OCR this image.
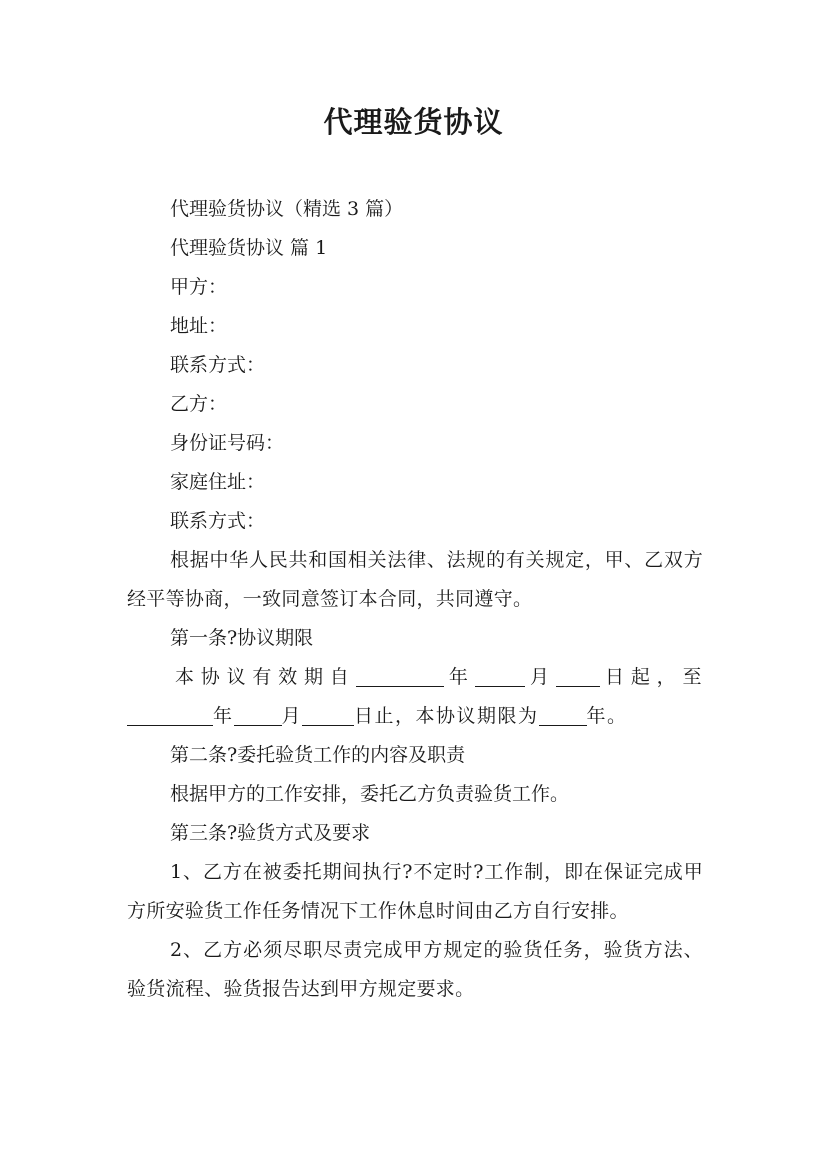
代理验货协议

代理验货协议（精选 3 篇）

代理验货协议 篇 1

甲方：

地址：

联系方式：

乙方：

身份证号码：

家庭住址：

联系方式：

根据中华人民共和国相关法律、法规的有关规定，甲、乙双方经平等协商，一致同意签订本合同，共同遵守。

第一条?协议期限

本协议有效期自	年	月 日起，至年	月	日止，本协议期限为	年。

第二条?委托验货工作的内容及职责

根据甲方的工作安排，委托乙方负责验货工作。

第三条?验货方式及要求

1、乙方在被委托期间执行?不定时?工作制，即在保证完成甲方所安验货工作任务情况下工作休息时间由乙方自行安排。

2、乙方必须尽职尽责完成甲方规定的验货任务，验货方法、验货流程、验货报告达到甲方规定要求。
